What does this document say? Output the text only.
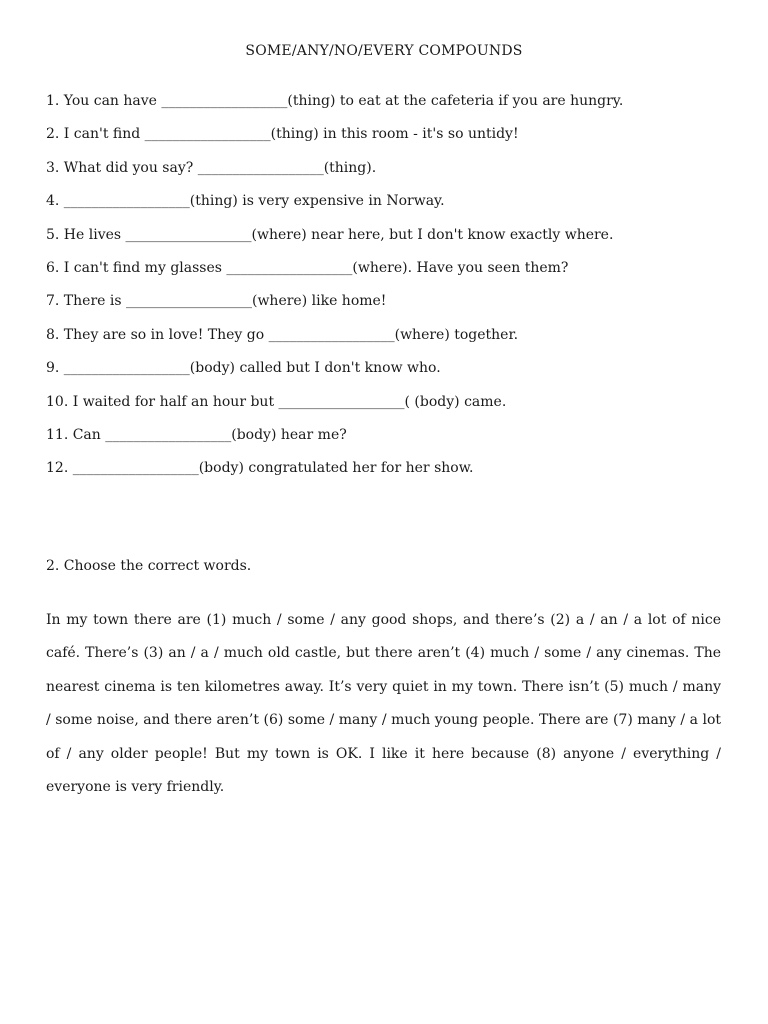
SOME/ANY/NO/EVERY COMPOUNDS
1. You can have __________________(thing) to eat at the cafeteria if you are hungry.
2. I can't find __________________(thing) in this room - it's so untidy!
3. What did you say? __________________(thing).
4. __________________(thing) is very expensive in Norway.
5. He lives __________________(where) near here, but I don't know exactly where.
6. I can't find my glasses __________________(where). Have you seen them?
7. There is __________________(where) like home!
8. They are so in love! They go __________________(where) together.
9. __________________(body) called but I don't know who.
10. I waited for half an hour but __________________( (body) came.
11. Can __________________(body) hear me?
12. __________________(body) congratulated her for her show.
2. Choose the correct words.
In my town there are (1) much / some / any good shops, and there’s (2) a / an / a lot of nice café. There’s (3) an / a / much old castle, but there aren’t (4) much / some / any cinemas. The nearest cinema is ten kilometres away. It’s very quiet in my town. There isn’t (5) much / many / some noise, and there aren’t (6) some / many / much young people. There are (7) many / a lot of / any older people! But my town is OK. I like it here because (8) anyone / everything / everyone is very friendly.
